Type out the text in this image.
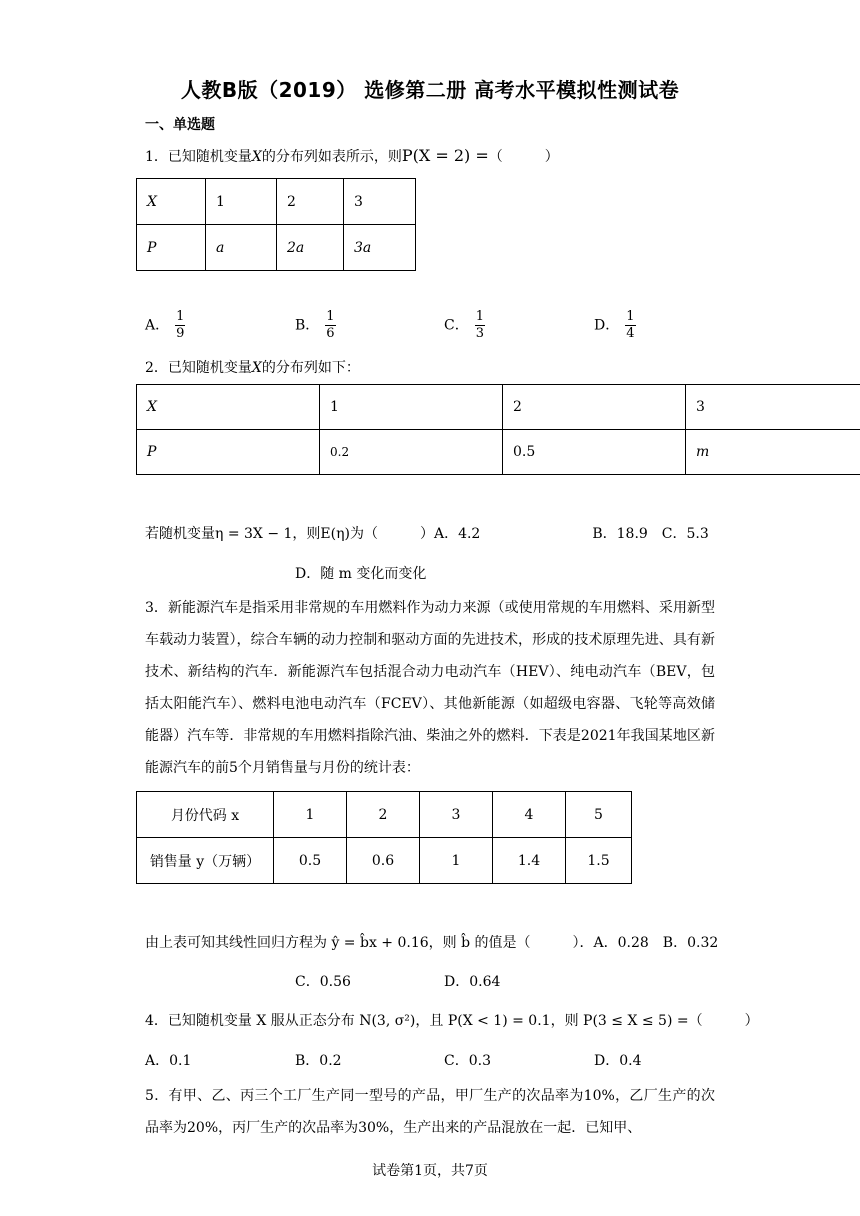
人教B版（2019） 选修第二册 高考水平模拟性测试卷
一、单选题
1．已知随机变量X的分布列如表所示，则P(X = 2) =（　　　）
X	1	2	3
P	a	2a	3a
A． $\frac{1}{9}$	B． $\frac{1}{6}$	C． $\frac{1}{3}$	D． $\frac{1}{4}$
2．已知随机变量X的分布列如下：
X	1	2	3
P	0.2	0.5	m
若随机变量η = 3X − 1，则E(η)为（　　　）A．4.2　　　　　　　　B．18.9　C．5.3
D．随 m 变化而变化
3．新能源汽车是指采用非常规的车用燃料作为动力来源（或使用常规的车用燃料、采用新型车载动力装置），综合车辆的动力控制和驱动方面的先进技术，形成的技术原理先进、具有新技术、新结构的汽车．新能源汽车包括混合动力电动汽车（HEV）、纯电动汽车（BEV，包括太阳能汽车）、燃料电池电动汽车（FCEV）、其他新能源（如超级电容器、飞轮等高效储能器）汽车等．非常规的车用燃料指除汽油、柴油之外的燃料．下表是2021年我国某地区新能源汽车的前5个月销售量与月份的统计表：
月份代码 x	1	2	3	4	5
销售量 y（万辆）	0.5	0.6	1	1.4	1.5
由上表可知其线性回归方程为 ŷ = b̂x + 0.16，则 b̂ 的值是（　　　）．A．0.28　B．0.32
C．0.56	D．0.64
4．已知随机变量 X 服从正态分布 N(3, σ²)，且 P(X < 1) = 0.1，则 P(3 ≤ X ≤ 5) =（　　　）
A．0.1	B．0.2	C．0.3	D．0.4
5．有甲、乙、丙三个工厂生产同一型号的产品，甲厂生产的次品率为10%，乙厂生产的次品率为20%，丙厂生产的次品率为30%，生产出来的产品混放在一起．已知甲、
试卷第1页，共7页
